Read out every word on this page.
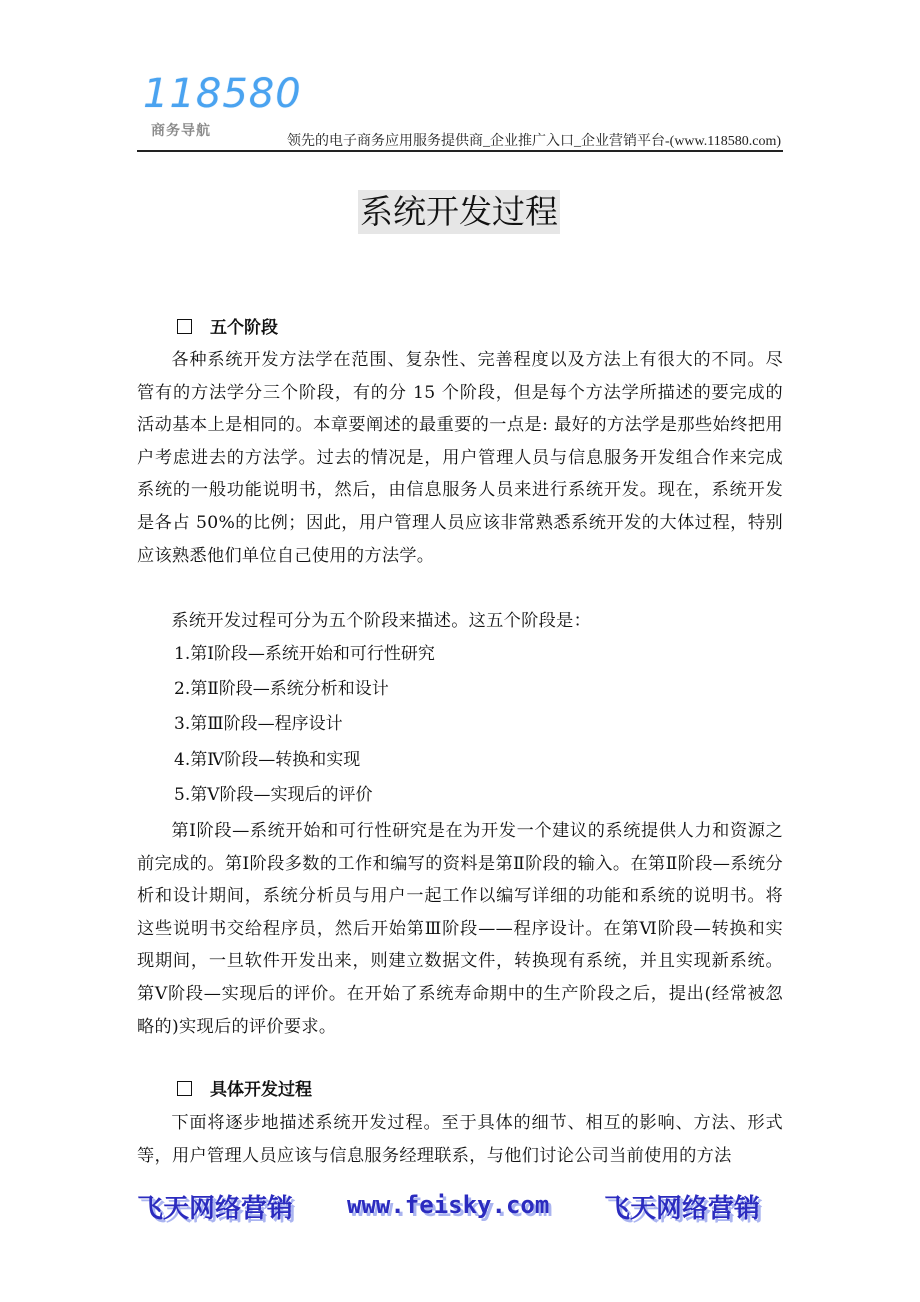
118580
商务导航
领先的电子商务应用服务提供商_企业推广入口_企业营销平台-(www.118580.com)
系统开发过程
五个阶段
各种系统开发方法学在范围、复杂性、完善程度以及方法上有很大的不同。尽管有的方法学分三个阶段，有的分 15 个阶段，但是每个方法学所描述的要完成的活动基本上是相同的。本章要阐述的最重要的一点是: 最好的方法学是那些始终把用户考虑进去的方法学。过去的情况是，用户管理人员与信息服务开发组合作来完成系统的一般功能说明书，然后，由信息服务人员来进行系统开发。现在，系统开发是各占 50%的比例；因此，用户管理人员应该非常熟悉系统开发的大体过程，特别应该熟悉他们单位自己使用的方法学。
系统开发过程可分为五个阶段来描述。这五个阶段是：
1.第Ⅰ阶段—系统开始和可行性研究
2.第Ⅱ阶段—系统分析和设计
3.第Ⅲ阶段—程序设计
4.第Ⅳ阶段—转换和实现
5.第Ⅴ阶段—实现后的评价
第Ⅰ阶段—系统开始和可行性研究是在为开发一个建议的系统提供人力和资源之前完成的。第Ⅰ阶段多数的工作和编写的资料是第Ⅱ阶段的输入。在第Ⅱ阶段—系统分析和设计期间，系统分析员与用户一起工作以编写详细的功能和系统的说明书。将这些说明书交给程序员，然后开始第Ⅲ阶段——程序设计。在第Ⅵ阶段—转换和实现期间，一旦软件开发出来，则建立数据文件，转换现有系统，并且实现新系统。第Ⅴ阶段—实现后的评价。在开始了系统寿命期中的生产阶段之后，提出(经常被忽略的)实现后的评价要求。
具体开发过程
下面将逐步地描述系统开发过程。至于具体的细节、相互的影响、方法、形式等，用户管理人员应该与信息服务经理联系，与他们讨论公司当前使用的方法
飞天网络营销 www.feisky.com 飞天网络营销
